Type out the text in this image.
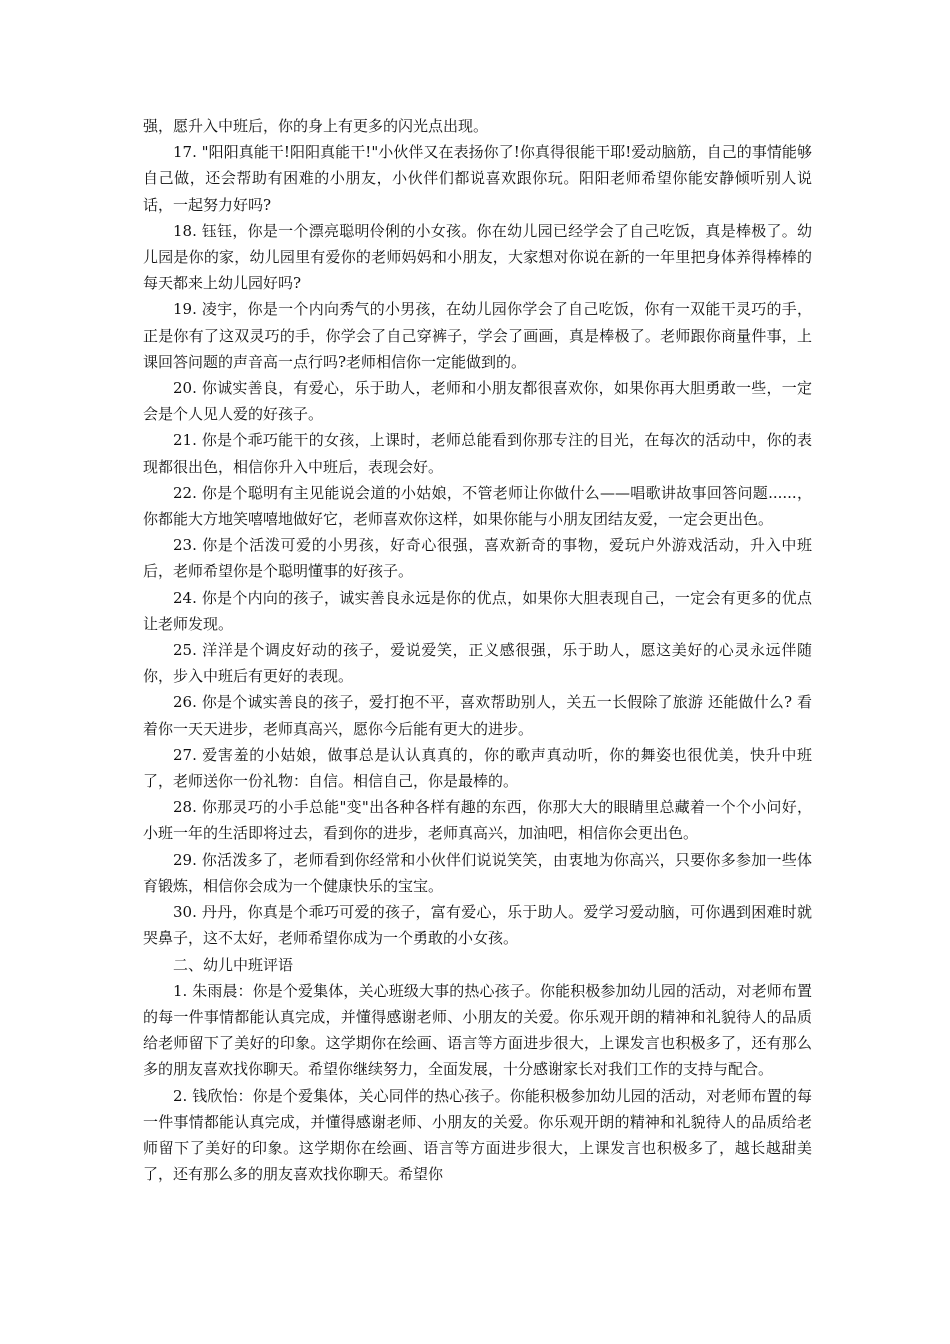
强，愿升入中班后，你的身上有更多的闪光点出现。

17. "阳阳真能干!阳阳真能干!"小伙伴又在表扬你了!你真得很能干耶!爱动脑筋，自己的事情能够自己做，还会帮助有困难的小朋友，小伙伴们都说喜欢跟你玩。阳阳老师希望你能安静倾听别人说话，一起努力好吗?

18. 钰钰，你是一个漂亮聪明伶俐的小女孩。你在幼儿园已经学会了自己吃饭，真是棒极了。幼儿园是你的家，幼儿园里有爱你的老师妈妈和小朋友，大家想对你说在新的一年里把身体养得棒棒的每天都来上幼儿园好吗?

19. 凌宇，你是一个内向秀气的小男孩，在幼儿园你学会了自己吃饭，你有一双能干灵巧的手，正是你有了这双灵巧的手，你学会了自己穿裤子，学会了画画，真是棒极了。老师跟你商量件事，上课回答问题的声音高一点行吗?老师相信你一定能做到的。

20. 你诚实善良，有爱心，乐于助人，老师和小朋友都很喜欢你，如果你再大胆勇敢一些，一定会是个人见人爱的好孩子。

21. 你是个乖巧能干的女孩，上课时，老师总能看到你那专注的目光，在每次的活动中，你的表现都很出色，相信你升入中班后，表现会好。

22. 你是个聪明有主见能说会道的小姑娘，不管老师让你做什么——唱歌讲故事回答问题......，你都能大方地笑嘻嘻地做好它，老师喜欢你这样，如果你能与小朋友团结友爱，一定会更出色。

23. 你是个活泼可爱的小男孩，好奇心很强，喜欢新奇的事物，爱玩户外游戏活动，升入中班后，老师希望你是个聪明懂事的好孩子。

24. 你是个内向的孩子，诚实善良永远是你的优点，如果你大胆表现自己，一定会有更多的优点让老师发现。

25. 洋洋是个调皮好动的孩子，爱说爱笑，正义感很强，乐于助人，愿这美好的心灵永远伴随你，步入中班后有更好的表现。

26. 你是个诚实善良的孩子，爱打抱不平，喜欢帮助别人，关五一长假除了旅游 还能做什么? 看着你一天天进步，老师真高兴，愿你今后能有更大的进步。

27. 爱害羞的小姑娘，做事总是认认真真的，你的歌声真动听，你的舞姿也很优美，快升中班了，老师送你一份礼物：自信。相信自己，你是最棒的。

28. 你那灵巧的小手总能"变"出各种各样有趣的东西，你那大大的眼睛里总藏着一个个小问好，小班一年的生活即将过去，看到你的进步，老师真高兴，加油吧，相信你会更出色。

29. 你活泼多了，老师看到你经常和小伙伴们说说笑笑，由衷地为你高兴，只要你多参加一些体育锻炼，相信你会成为一个健康快乐的宝宝。

30. 丹丹，你真是个乖巧可爱的孩子，富有爱心，乐于助人。爱学习爱动脑，可你遇到困难时就哭鼻子，这不太好，老师希望你成为一个勇敢的小女孩。

二、幼儿中班评语

1. 朱雨晨：你是个爱集体，关心班级大事的热心孩子。你能积极参加幼儿园的活动，对老师布置的每一件事情都能认真完成，并懂得感谢老师、小朋友的关爱。你乐观开朗的精神和礼貌待人的品质给老师留下了美好的印象。这学期你在绘画、语言等方面进步很大，上课发言也积极多了，还有那么多的朋友喜欢找你聊天。希望你继续努力，全面发展，十分感谢家长对我们工作的支持与配合。

2. 钱欣怡：你是个爱集体，关心同伴的热心孩子。你能积极参加幼儿园的活动，对老师布置的每一件事情都能认真完成，并懂得感谢老师、小朋友的关爱。你乐观开朗的精神和礼貌待人的品质给老师留下了美好的印象。这学期你在绘画、语言等方面进步很大，上课发言也积极多了，越长越甜美了，还有那么多的朋友喜欢找你聊天。希望你
